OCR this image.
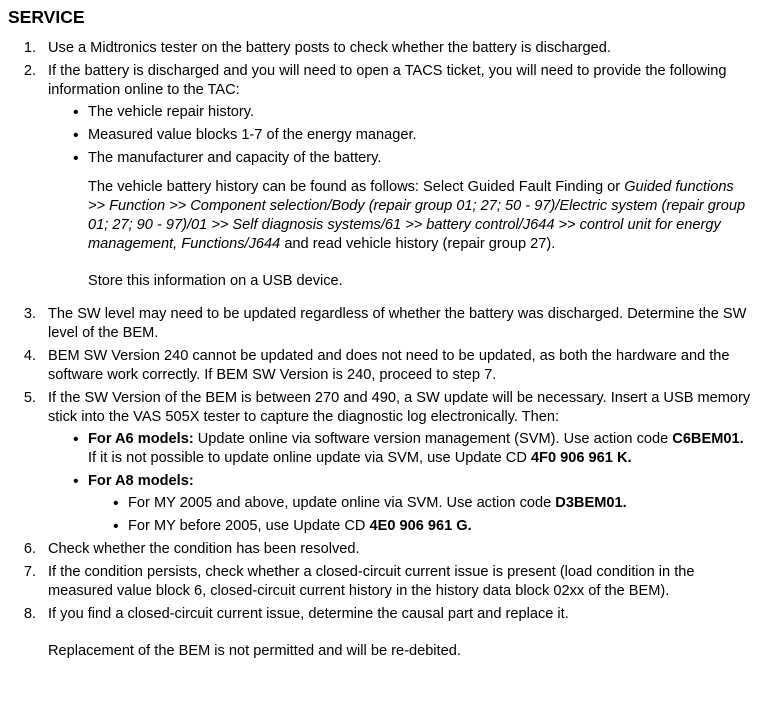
SERVICE
1. Use a Midtronics tester on the battery posts to check whether the battery is discharged.
2. If the battery is discharged and you will need to open a TACS ticket, you will need to provide the following information online to the TAC:
• The vehicle repair history.
• Measured value blocks 1-7 of the energy manager.
• The manufacturer and capacity of the battery.
The vehicle battery history can be found as follows: Select Guided Fault Finding or Guided functions >> Function >> Component selection/Body (repair group 01; 27; 50 - 97)/Electric system (repair group 01; 27; 90 - 97)/01 >> Self diagnosis systems/61 >> battery control/J644 >> control unit for energy management, Functions/J644 and read vehicle history (repair group 27).
Store this information on a USB device.
3. The SW level may need to be updated regardless of whether the battery was discharged. Determine the SW level of the BEM.
4. BEM SW Version 240 cannot be updated and does not need to be updated, as both the hardware and the software work correctly. If BEM SW Version is 240, proceed to step 7.
5. If the SW Version of the BEM is between 270 and 490, a SW update will be necessary. Insert a USB memory stick into the VAS 505X tester to capture the diagnostic log electronically. Then:
• For A6 models: Update online via software version management (SVM). Use action code C6BEM01. If it is not possible to update online update via SVM, use Update CD 4F0 906 961 K.
• For A8 models:
• For MY 2005 and above, update online via SVM. Use action code D3BEM01.
• For MY before 2005, use Update CD 4E0 906 961 G.
6. Check whether the condition has been resolved.
7. If the condition persists, check whether a closed-circuit current issue is present (load condition in the measured value block 6, closed-circuit current history in the history data block 02xx of the BEM).
8. If you find a closed-circuit current issue, determine the causal part and replace it.
Replacement of the BEM is not permitted and will be re-debited.
